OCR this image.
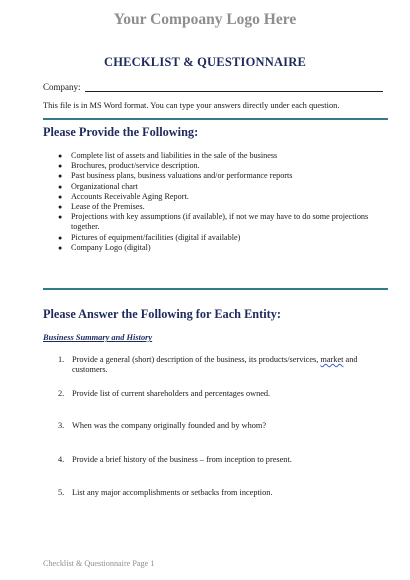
Your Compoany Logo Here
CHECKLIST & QUESTIONNAIRE
Company:
This file is in MS Word format. You can type your answers directly under each question.
Please Provide the Following:
● Complete list of assets and liabilities in the sale of the business
● Brochures, product/service description.
● Past business plans, business valuations and/or performance reports
● Organizational chart
● Accounts Receivable Aging Report.
● Lease of the Premises.
● Projections with key assumptions (if available), if not we may have to do some projections together.
● Pictures of equipment/facilities (digital if available)
● Company Logo (digital)
Please Answer the Following for Each Entity:
Business Summary and History
1. Provide a general (short) description of the business, its products/services, market and customers.
2. Provide list of current shareholders and percentages owned.
3. When was the company originally founded and by whom?
4. Provide a brief history of the business – from inception to present.
5. List any major accomplishments or setbacks from inception.
Checklist & Questionnaire Page 1
